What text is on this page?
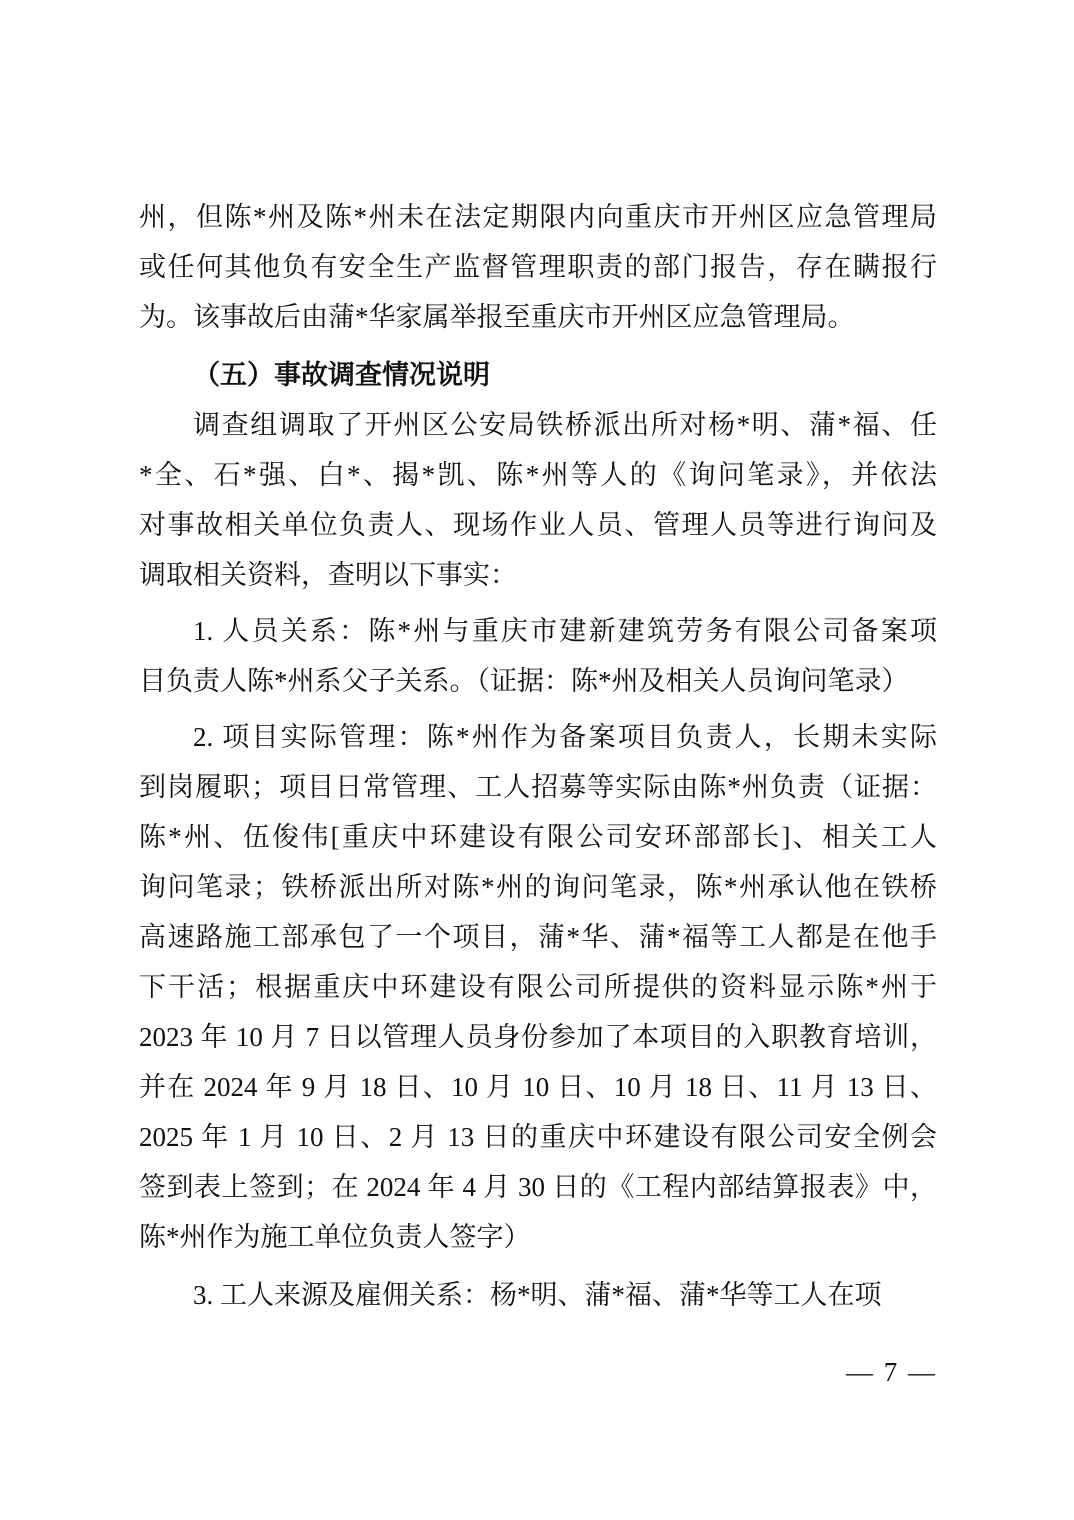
州，但陈*州及陈*州未在法定期限内向重庆市开州区应急管理局
或任何其他负有安全生产监督管理职责的部门报告，存在瞒报行
为。该事故后由蒲*华家属举报至重庆市开州区应急管理局。
（五）事故调查情况说明
调查组调取了开州区公安局铁桥派出所对杨*明、蒲*福、任
*全、石*强、白*、揭*凯、陈*州等人的《询问笔录》，并依法
对事故相关单位负责人、现场作业人员、管理人员等进行询问及
调取相关资料，查明以下事实：
1. 人员关系：陈*州与重庆市建新建筑劳务有限公司备案项
目负责人陈*州系父子关系。（证据：陈*州及相关人员询问笔录）
2. 项目实际管理：陈*州作为备案项目负责人，长期未实际
到岗履职；项目日常管理、工人招募等实际由陈*州负责（证据：
陈*州、伍俊伟[重庆中环建设有限公司安环部部长]、相关工人
询问笔录；铁桥派出所对陈*州的询问笔录，陈*州承认他在铁桥
高速路施工部承包了一个项目，蒲*华、蒲*福等工人都是在他手
下干活；根据重庆中环建设有限公司所提供的资料显示陈*州于
2023 年 10 月 7 日以管理人员身份参加了本项目的入职教育培训，
并在 2024 年 9 月 18 日、10 月 10 日、10 月 18 日、11 月 13 日、
2025 年 1 月 10 日、2 月 13 日的重庆中环建设有限公司安全例会
签到表上签到；在 2024 年 4 月 30 日的《工程内部结算报表》中，
陈*州作为施工单位负责人签字）
3. 工人来源及雇佣关系：杨*明、蒲*福、蒲*华等工人在项
— 7 —
